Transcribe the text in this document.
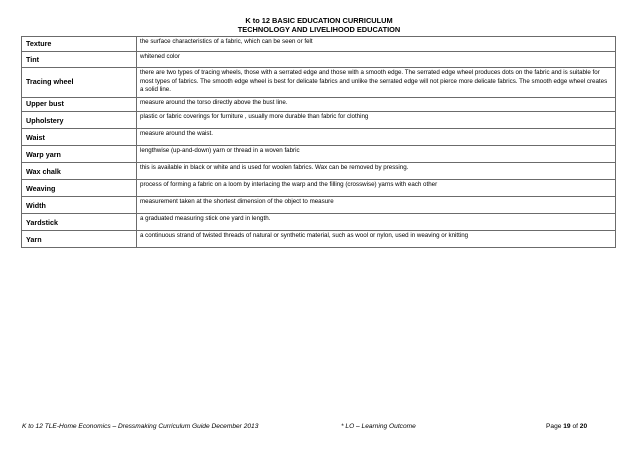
K to 12 BASIC EDUCATION CURRICULUM
TECHNOLOGY AND LIVELIHOOD EDUCATION
Texture	the surface characteristics of a fabric, which can be seen or felt
Tint	whitened color
Tracing wheel	there are two types of tracing wheels, those with a serrated edge and those with a smooth edge. The serrated edge wheel produces dots on the fabric and is suitable for most types of fabrics. The smooth edge wheel is best for delicate fabrics and unlike the serrated edge will not pierce more delicate fabrics. The smooth edge wheel creates a solid line.
Upper bust	measure around the torso directly above the bust line.
Upholstery	plastic or fabric coverings for furniture , usually more durable than fabric for clothing
Waist	measure around the waist.
Warp yarn	lengthwise (up-and-down) yarn or thread in a woven fabric
Wax chalk	this is available in black or white and is used for woolen fabrics. Wax can be removed by pressing.
Weaving	process of forming a fabric on a loom by interlacing the warp and the filling (crosswise) yarns with each other
Width	measurement taken at the shortest dimension of the object to measure
Yardstick	a graduated measuring stick one yard in length.
Yarn	a continuous strand of twisted threads of natural or synthetic material, such as wool or nylon, used in weaving or knitting
K to 12 TLE-Home Economics – Dressmaking Curriculum Guide December 2013	* LO – Learning Outcome	Page 19 of 20
